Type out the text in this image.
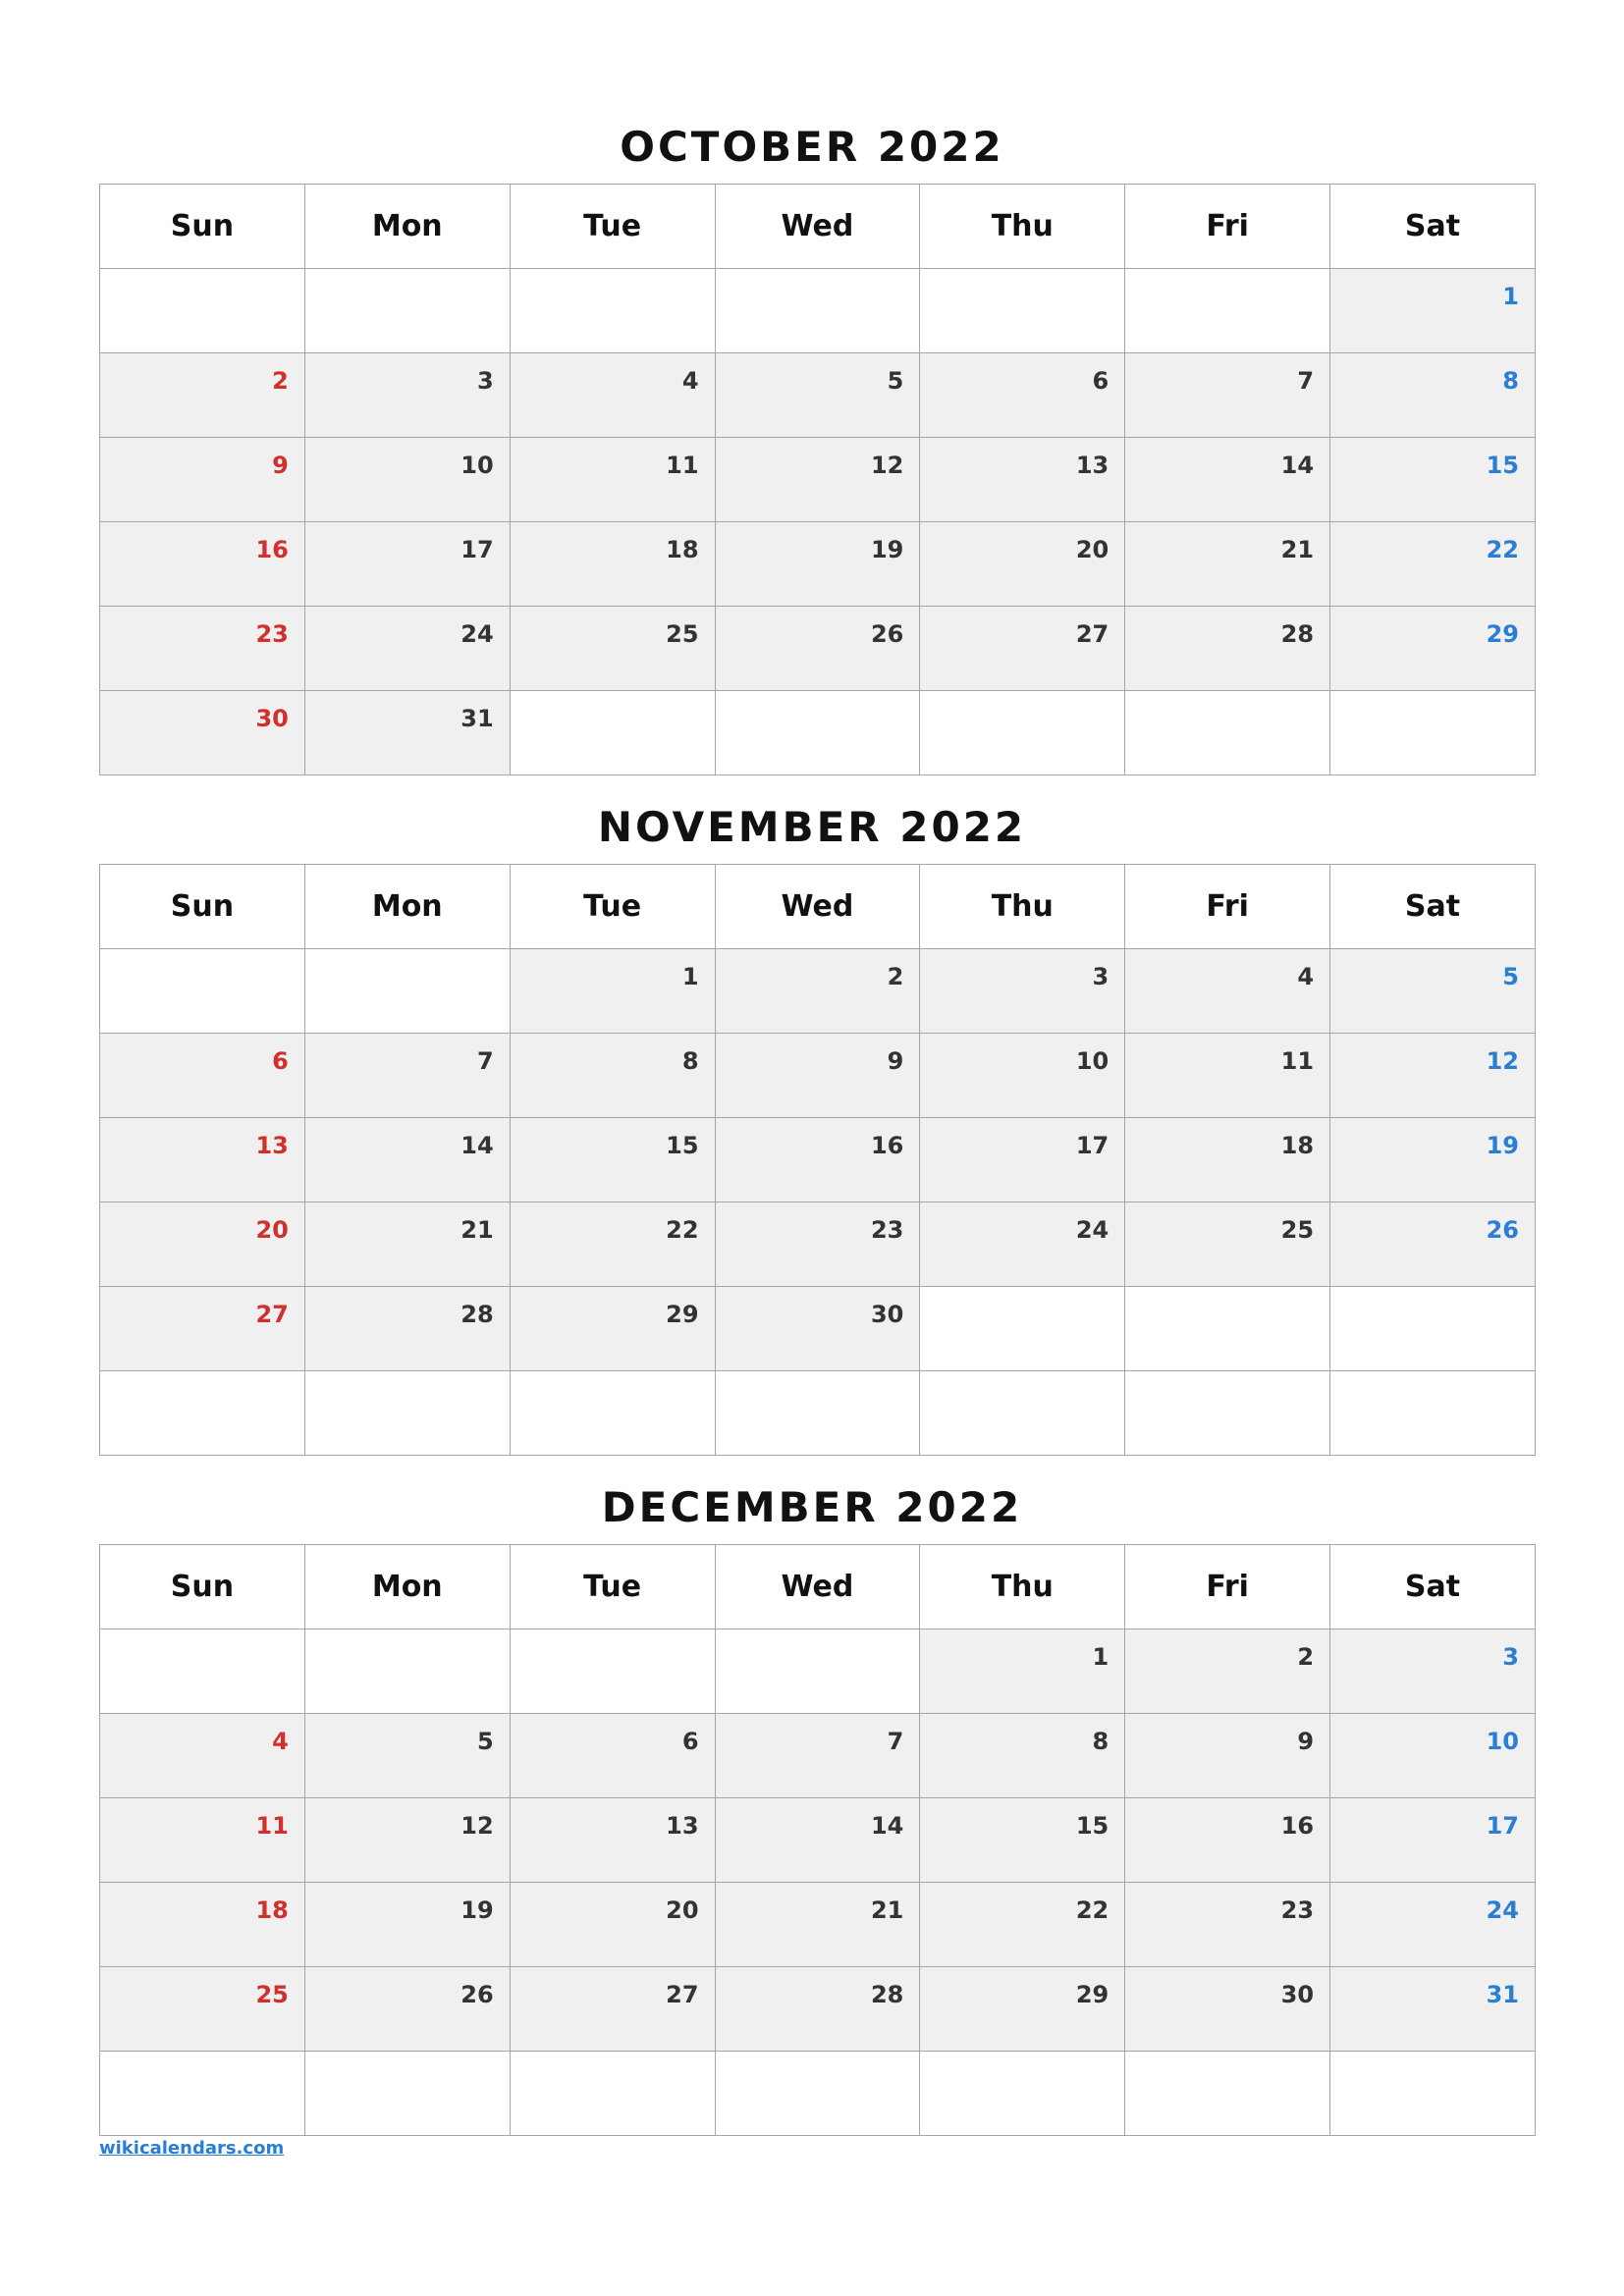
OCTOBER 2022
Sun	Mon	Tue	Wed	Thu	Fri	Sat
						1
2	3	4	5	6	7	8
9	10	11	12	13	14	15
16	17	18	19	20	21	22
23	24	25	26	27	28	29
30	31					
NOVEMBER 2022
Sun	Mon	Tue	Wed	Thu	Fri	Sat
		1	2	3	4	5
6	7	8	9	10	11	12
13	14	15	16	17	18	19
20	21	22	23	24	25	26
27	28	29	30			

DECEMBER 2022
Sun	Mon	Tue	Wed	Thu	Fri	Sat
				1	2	3
4	5	6	7	8	9	10
11	12	13	14	15	16	17
18	19	20	21	22	23	24
25	26	27	28	29	30	31

wikicalendars.com
